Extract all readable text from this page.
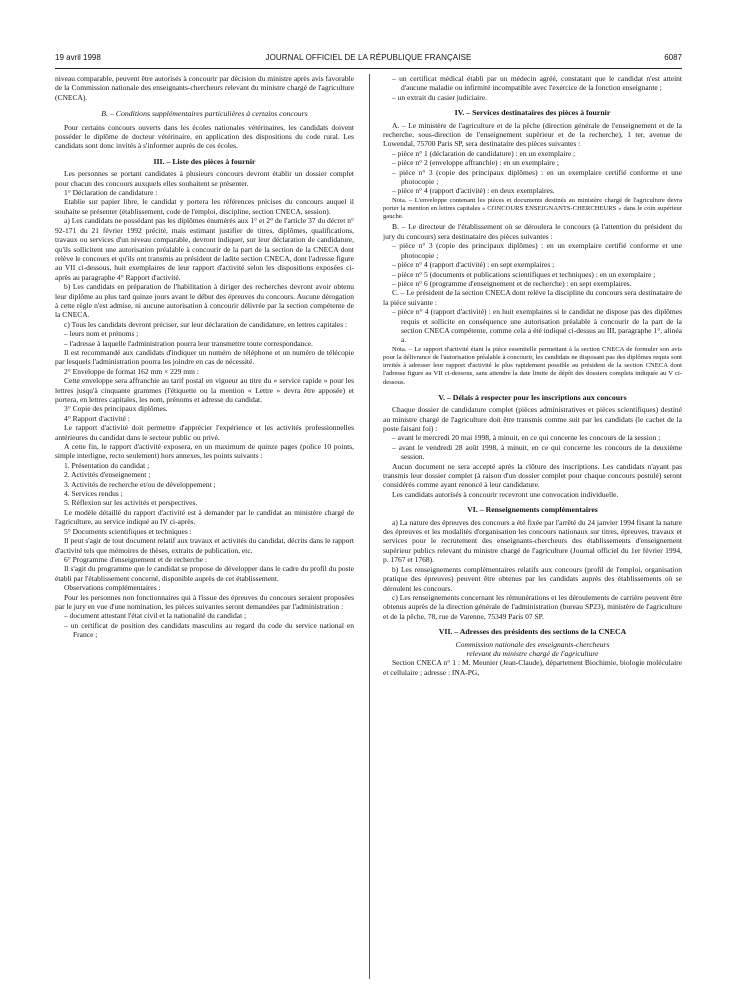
19 avril 1998	JOURNAL OFFICIEL DE LA RÉPUBLIQUE FRANÇAISE	6087

niveau comparable, peuvent être autorisés à concourir par décision du ministre après avis favorable de la Commission nationale des enseignants-chercheurs relevant du ministre chargé de l'agriculture (CNECA).

B. – Conditions supplémentaires particulières à certains concours

Pour certains concours ouverts dans les écoles nationales vétérinaires, les candidats doivent posséder le diplôme de docteur vétérinaire, en application des dispositions du code rural. Les candidats sont donc invités à s'informer auprès de ces écoles.

III. – Liste des pièces à fournir

Les personnes se portant candidates à plusieurs concours devront établir un dossier complet pour chacun des concours auxquels elles souhaitent se présenter.

1° Déclaration de candidature :

Etablie sur papier libre, le candidat y portera les références précises du concours auquel il souhaite se présenter (établissement, code de l'emploi, discipline, section CNECA, session).

a) Les candidats ne possédant pas les diplômes énumérés aux 1° et 2° de l'article 37 du décret n° 92-171 du 21 février 1992 précité, mais estimant justifier de titres, diplômes, qualifications, travaux ou services d'un niveau comparable, devront indiquer, sur leur déclaration de candidature, qu'ils sollicitent une autorisation préalable à concourir de la part de la section de la CNECA dont relève le concours et qu'ils ont transmis au président de ladite section CNECA, dont l'adresse figure au VII ci-dessous, huit exemplaires de leur rapport d'activité selon les dispositions exposées ci-après au paragraphe 4° Rapport d'activité.

b) Les candidats en préparation de l'habilitation à diriger des recherches devront avoir obtenu leur diplôme au plus tard quinze jours avant le début des épreuves du concours. Aucune dérogation à cette règle n'est admise, ni aucune autorisation à concourir délivrée par la section compétente de la CNECA.

c) Tous les candidats devront préciser, sur leur déclaration de candidature, en lettres capitales :

– leurs nom et prénoms ;

– l'adresse à laquelle l'administration pourra leur transmettre toute correspondance.

Il est recommandé aux candidats d'indiquer un numéro de téléphone et un numéro de télécopie par lesquels l'administration pourra les joindre en cas de nécessité.

2° Enveloppe de format 162 mm × 229 mm :

Cette enveloppe sera affranchie au tarif postal en vigueur au titre du « service rapide » pour les lettres jusqu'à cinquante grammes (l'étiquette ou la mention « Lettre » devra être apposée) et portera, en lettres capitales, les nom, prénoms et adresse du candidat.

3° Copie des principaux diplômes.

4° Rapport d'activité :

Le rapport d'activité doit permettre d'apprécier l'expérience et les activités professionnelles antérieures du candidat dans le secteur public ou privé.

A cette fin, le rapport d'activité exposera, en un maximum de quinze pages (police 10 points, simple interligne, recto seulement) hors annexes, les points suivants :

1. Présentation du candidat ;

2. Activités d'enseignement ;

3. Activités de recherche et/ou de développement ;

4. Services rendus ;

5. Réflexion sur les activités et perspectives.

Le modèle détaillé du rapport d'activité est à demander par le candidat au ministère chargé de l'agriculture, au service indiqué au IV ci-après.

5° Documents scientifiques et techniques :

Il peut s'agir de tout document relatif aux travaux et activités du candidat, décrits dans le rapport d'activité tels que mémoires de thèses, extraits de publication, etc.

6° Programme d'enseignement et de recherche :

Il s'agit du programme que le candidat se propose de développer dans le cadre du profil du poste établi par l'établissement concerné, disponible auprès de cet établissement.

Observations complémentaires :

Pour les personnes non fonctionnaires qui à l'issue des épreuves du concours seraient proposées par le jury en vue d'une nomination, les pièces suivantes seront demandées par l'administration :

– document attestant l'état civil et la nationalité du candidat ;

– un certificat de position des candidats masculins au regard du code du service national en France ;

– un certificat médical établi par un médecin agréé, constatant que le candidat n'est atteint d'aucune maladie ou infirmité incompatible avec l'exercice de la fonction enseignante ;

– un extrait du casier judiciaire.

IV. – Services destinataires des pièces à fournir

A. – Le ministère de l'agriculture et de la pêche (direction générale de l'enseignement et de la recherche, sous-direction de l'enseignement supérieur et de la recherche), 1 ter, avenue de Lowendal, 75700 Paris SP, sera destinataire des pièces suivantes :

– pièce n° 1 (déclaration de candidature) : en un exemplaire ;

– pièce n° 2 (enveloppe affranchie) : en un exemplaire ;

– pièce n° 3 (copie des principaux diplômes) : en un exemplaire certifié conforme et une photocopie ;

– pièce n° 4 (rapport d'activité) : en deux exemplaires.

Nota. – L'enveloppe contenant les pièces et documents destinés au ministère chargé de l'agriculture devra porter la mention en lettres capitales « CONCOURS ENSEIGNANTS-CHERCHEURS » dans le coin supérieur gauche.

B. – Le directeur de l'établissement où se déroulera le concours (à l'attention du président du jury du concours) sera destinataire des pièces suivantes :

– pièce n° 3 (copie des principaux diplômes) : en un exemplaire certifié conforme et une photocopie ;

– pièce n° 4 (rapport d'activité) : en sept exemplaires ;

– pièce n° 5 (documents et publications scientifiques et techniques) : en un exemplaire ;

– pièce n° 6 (programme d'enseignement et de recherche) : en sept exemplaires.

C. – Le président de la section CNECA dont relève la discipline du concours sera destinataire de la pièce suivante :

– pièce n° 4 (rapport d'activité) : en huit exemplaires si le candidat ne dispose pas des diplômes requis et sollicite en conséquence une autorisation préalable à concourir de la part de la section CNECA compétente, comme cela a été indiqué ci-dessus au III, paragraphe 1°, alinéa a.

Nota. – Le rapport d'activité étant la pièce essentielle permettant à la section CNECA de formuler son avis pour la délivrance de l'autorisation préalable à concourir, les candidats ne disposant pas des diplômes requis sont invités à adresser leur rapport d'activité le plus rapidement possible au président de la section CNECA dont l'adresse figure au VII ci-dessous, sans attendre la date limite de dépôt des dossiers complets indiquée au V ci-dessous.

V. – Délais à respecter pour les inscriptions aux concours

Chaque dossier de candidature complet (pièces administratives et pièces scientifiques) destiné au ministre chargé de l'agriculture doit être transmis comme suit par les candidats (le cachet de la poste faisant foi) :

– avant le mercredi 20 mai 1998, à minuit, en ce qui concerne les concours de la session ;

– avant le vendredi 28 août 1998, à minuit, en ce qui concerne les concours de la deuxième session.

Aucun document ne sera accepté après la clôture des inscriptions. Les candidats n'ayant pas transmis leur dossier complet (à raison d'un dossier complet pour chaque concours postulé) seront considérés comme ayant renoncé à leur candidature.

Les candidats autorisés à concourir recevront une convocation individuelle.

VI. – Renseignements complémentaires

a) La nature des épreuves des concours a été fixée par l'arrêté du 24 janvier 1994 fixant la nature des épreuves et les modalités d'organisation les concours nationaux sur titres, épreuves, travaux et services pour le recrutement des enseignants-chercheurs des établissements d'enseignement supérieur publics relevant du ministre chargé de l'agriculture (Journal officiel du 1er février 1994, p. 1767 et 1768).

b) Les renseignements complémentaires relatifs aux concours (profil de l'emploi, organisation pratique des épreuves) peuvent être obtenus par les candidats auprès des établissements où se déroulent les concours.

c) Les renseignements concernant les rémunérations et les déroulements de carrière peuvent être obtenus auprès de la direction générale de l'administration (bureau SP23), ministère de l'agriculture et de la pêche, 78, rue de Varenne, 75349 Paris 07 SP.

VII. – Adresses des présidents des sections de la CNECA

Commission nationale des enseignants-chercheurs

relevant du ministre chargé de l'agriculture

Section CNECA n° 1 : M. Meunier (Jean-Claude), département Biochimie, biologie moléculaire et cellulaire ; adresse : INA-PG,
